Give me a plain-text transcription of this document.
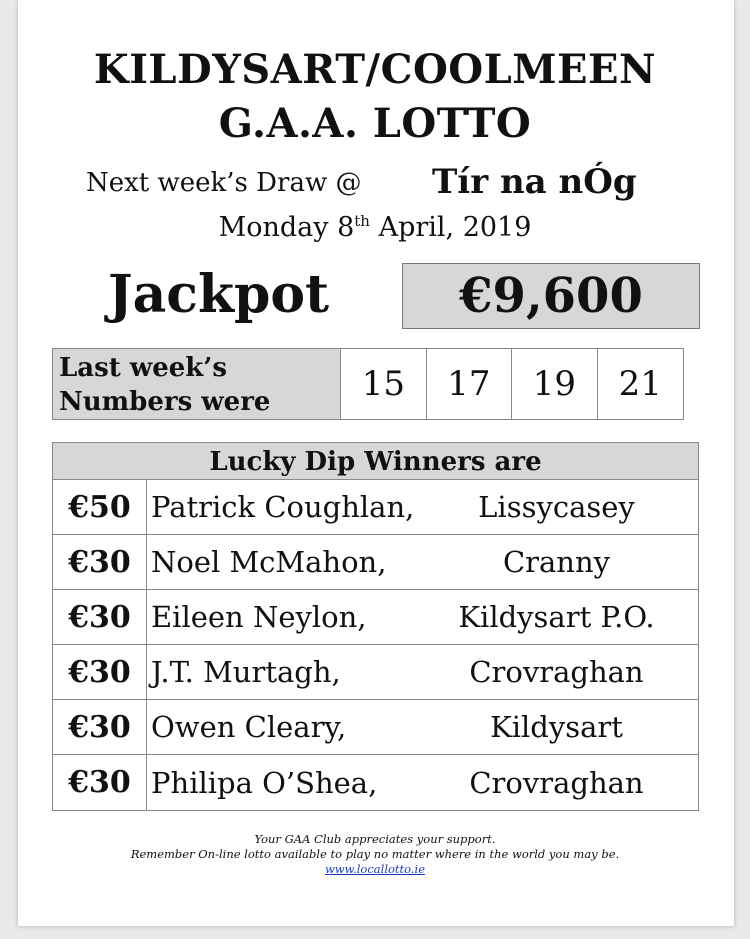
KILDYSART/COOLMEEN
G.A.A. LOTTO
Next week’s Draw @ Tír na nÓg
Monday 8th April, 2019
Jackpot	€9,600
Last week’s
Numbers were	15	17	19	21
Lucky Dip Winners are
€50 Patrick Coughlan,	Lissycasey
€30 Noel McMahon,	Cranny
€30 Eileen Neylon,	Kildysart P.O.
€30 J.T. Murtagh,	Crovraghan
€30 Owen Cleary,	Kildysart
€30 Philipa O’Shea,	Crovraghan
Your GAA Club appreciates your support.
Remember On-line lotto available to play no matter where in the world you may be.
www.locallotto.ie
